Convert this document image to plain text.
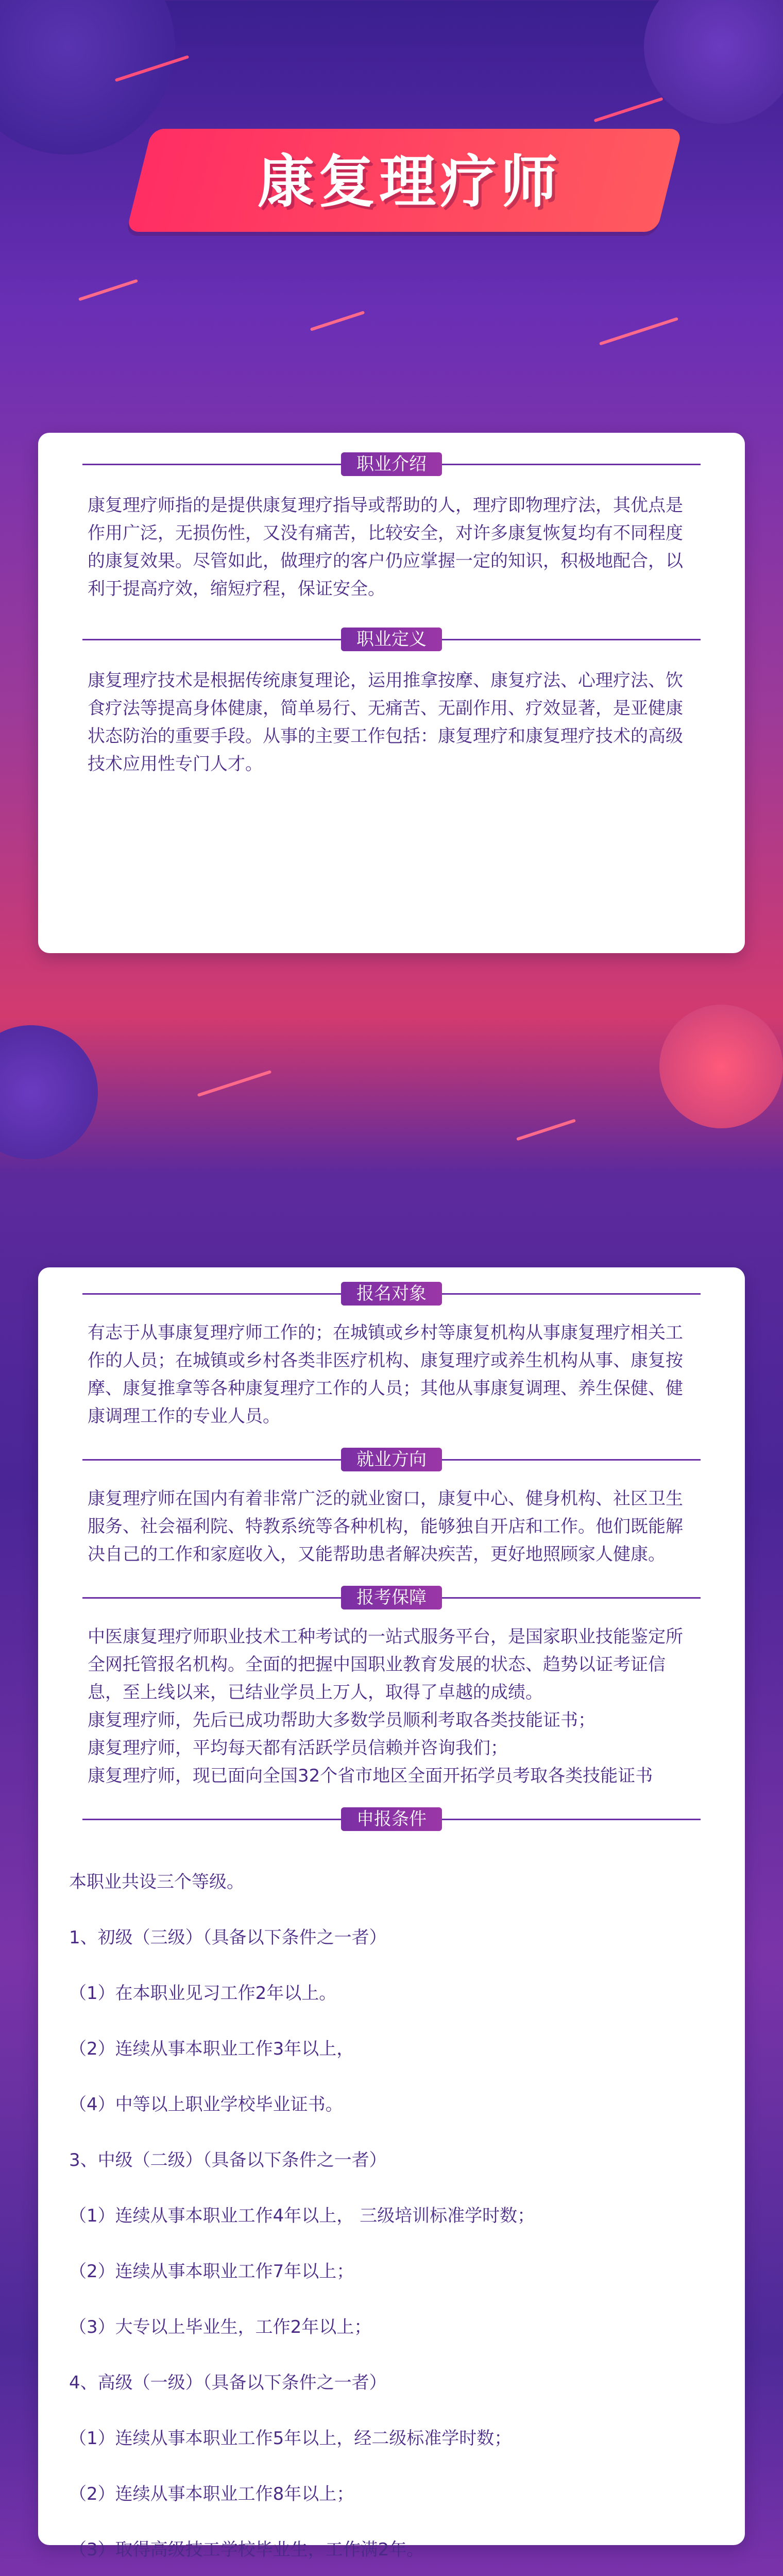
康复理疗师
职业介绍
康复理疗师指的是提供康复理疗指导或帮助的人，理疗即物理疗法，其优点是作用广泛，无损伤性，又没有痛苦，比较安全，对许多康复恢复均有不同程度的康复效果。尽管如此，做理疗的客户仍应掌握一定的知识，积极地配合，以利于提高疗效，缩短疗程，保证安全。
职业定义
康复理疗技术是根据传统康复理论，运用推拿按摩、康复疗法、心理疗法、饮食疗法等提高身体健康，简单易行、无痛苦、无副作用、疗效显著，是亚健康状态防治的重要手段。从事的主要工作包括：康复理疗和康复理疗技术的高级技术应用性专门人才。
报名对象
有志于从事康复理疗师工作的；在城镇或乡村等康复机构从事康复理疗相关工作的人员；在城镇或乡村各类非医疗机构、康复理疗或养生机构从事、康复按摩、康复推拿等各种康复理疗工作的人员；其他从事康复调理、养生保健、健康调理工作的专业人员。
就业方向
康复理疗师在国内有着非常广泛的就业窗口，康复中心、健身机构、社区卫生服务、社会福利院、特教系统等各种机构，能够独自开店和工作。他们既能解决自己的工作和家庭收入，又能帮助患者解决疾苦，更好地照顾家人健康。
报考保障
中医康复理疗师职业技术工种考试的一站式服务平台，是国家职业技能鉴定所全网托管报名机构。全面的把握中国职业教育发展的状态、趋势以证考证信息，至上线以来，已结业学员上万人，取得了卓越的成绩。
康复理疗师，先后已成功帮助大多数学员顺利考取各类技能证书；
康复理疗师，平均每天都有活跃学员信赖并咨询我们；
康复理疗师，现已面向全国32个省市地区全面开拓学员考取各类技能证书
申报条件

本职业共设三个等级。

1、初级（三级）（具备以下条件之一者）

（1）在本职业见习工作2年以上。

（2）连续从事本职业工作3年以上，

（4）中等以上职业学校毕业证书。

3、中级（二级）（具备以下条件之一者）

（1）连续从事本职业工作4年以上， 三级培训标准学时数；

（2）连续从事本职业工作7年以上；

（3）大专以上毕业生，工作2年以上；

4、高级（一级）（具备以下条件之一者）

（1）连续从事本职业工作5年以上，经二级标准学时数；

（2）连续从事本职业工作8年以上；

（3）取得高级技工学校毕业生，工作满2年。
